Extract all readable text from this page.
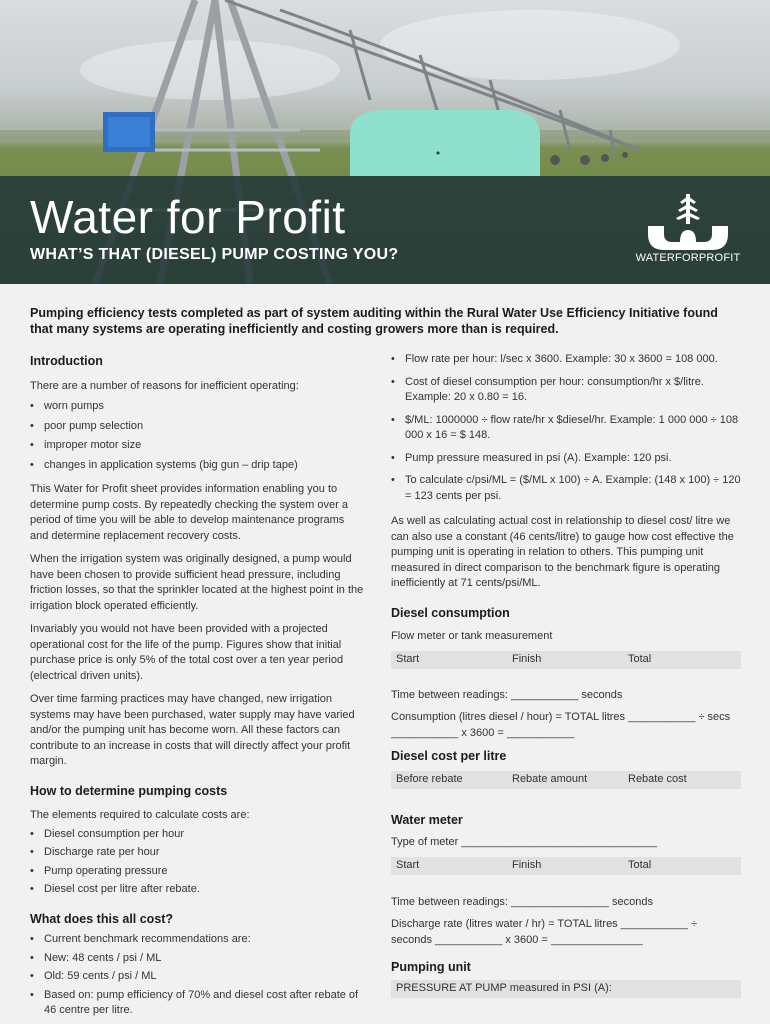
Water for Profit
WHAT’S THAT (DIESEL) PUMP COSTING YOU?	WATERFORPROFIT

Pumping efficiency tests completed as part of system auditing within the Rural Water Use Efficiency Initiative found that many systems are operating inefficiently and costing growers more than is required.

Introduction

There are a number of reasons for inefficient operating:

• worn pumps
• poor pump selection
• improper motor size
• changes in application systems (big gun – drip tape)

This Water for Profit sheet provides information enabling you to determine pump costs. By repeatedly checking the system over a period of time you will be able to develop maintenance programs and determine replacement recovery costs.

When the irrigation system was originally designed, a pump would have been chosen to provide sufficient head pressure, including friction losses, so that the sprinkler located at the highest point in the irrigation block operated efficiently.

Invariably you would not have been provided with a projected operational cost for the life of the pump. Figures show that initial purchase price is only 5% of the total cost over a ten year period (electrical driven units).

Over time farming practices may have changed, new irrigation systems may have been purchased, water supply may have varied and/or the pumping unit has become worn. All these factors can contribute to an increase in costs that will directly affect your profit margin.

How to determine pumping costs

The elements required to calculate costs are:

• Diesel consumption per hour
• Discharge rate per hour
• Pump operating pressure
• Diesel cost per litre after rebate.
What does this all cost?
• Current benchmark recommendations are:
• New: 48 cents / psi / ML
• Old: 59 cents / psi / ML
• Based on: pump efficiency of 70% and diesel cost after rebate of 46 centre per litre.
• Flow rate per hour: l/sec x 3600. Example: 30 x 3600 = 108 000.
• Cost of diesel consumption per hour: consumption/hr x $/litre. Example: 20 x 0.80 = 16.
• $/ML: 1000000 ÷ flow rate/hr x $diesel/hr. Example: 1 000 000 ÷ 108 000 x 16 = $ 148.
• Pump pressure measured in psi (A). Example: 120 psi.
• To calculate c/psi/ML = ($/ML x 100) ÷ A. Example: (148 x 100) ÷ 120 = 123 cents per psi.

As well as calculating actual cost in relationship to diesel cost/ litre we can also use a constant (46 cents/litre) to gauge how cost effective the pumping unit is operating in relation to others. This pumping unit measured in direct comparison to the benchmark figure is operating inefficiently at 71 cents/psi/ML.

Diesel consumption

Flow meter or tank measurement

Start	Finish	Total

Time between readings: ___________ seconds

Consumption (litres diesel / hour) = TOTAL litres ___________ ÷ secs ___________ x 3600 = ___________

Diesel cost per litre
Before rebate	Rebate amount	Rebate cost
Water meter

Type of meter ________________________________

Start	Finish	Total

Time between readings: ________________ seconds

Discharge rate (litres water / hr) = TOTAL litres ___________ ÷ seconds ___________ x 3600 = _______________

Pumping unit
PRESSURE AT PUMP measured in PSI (A):
